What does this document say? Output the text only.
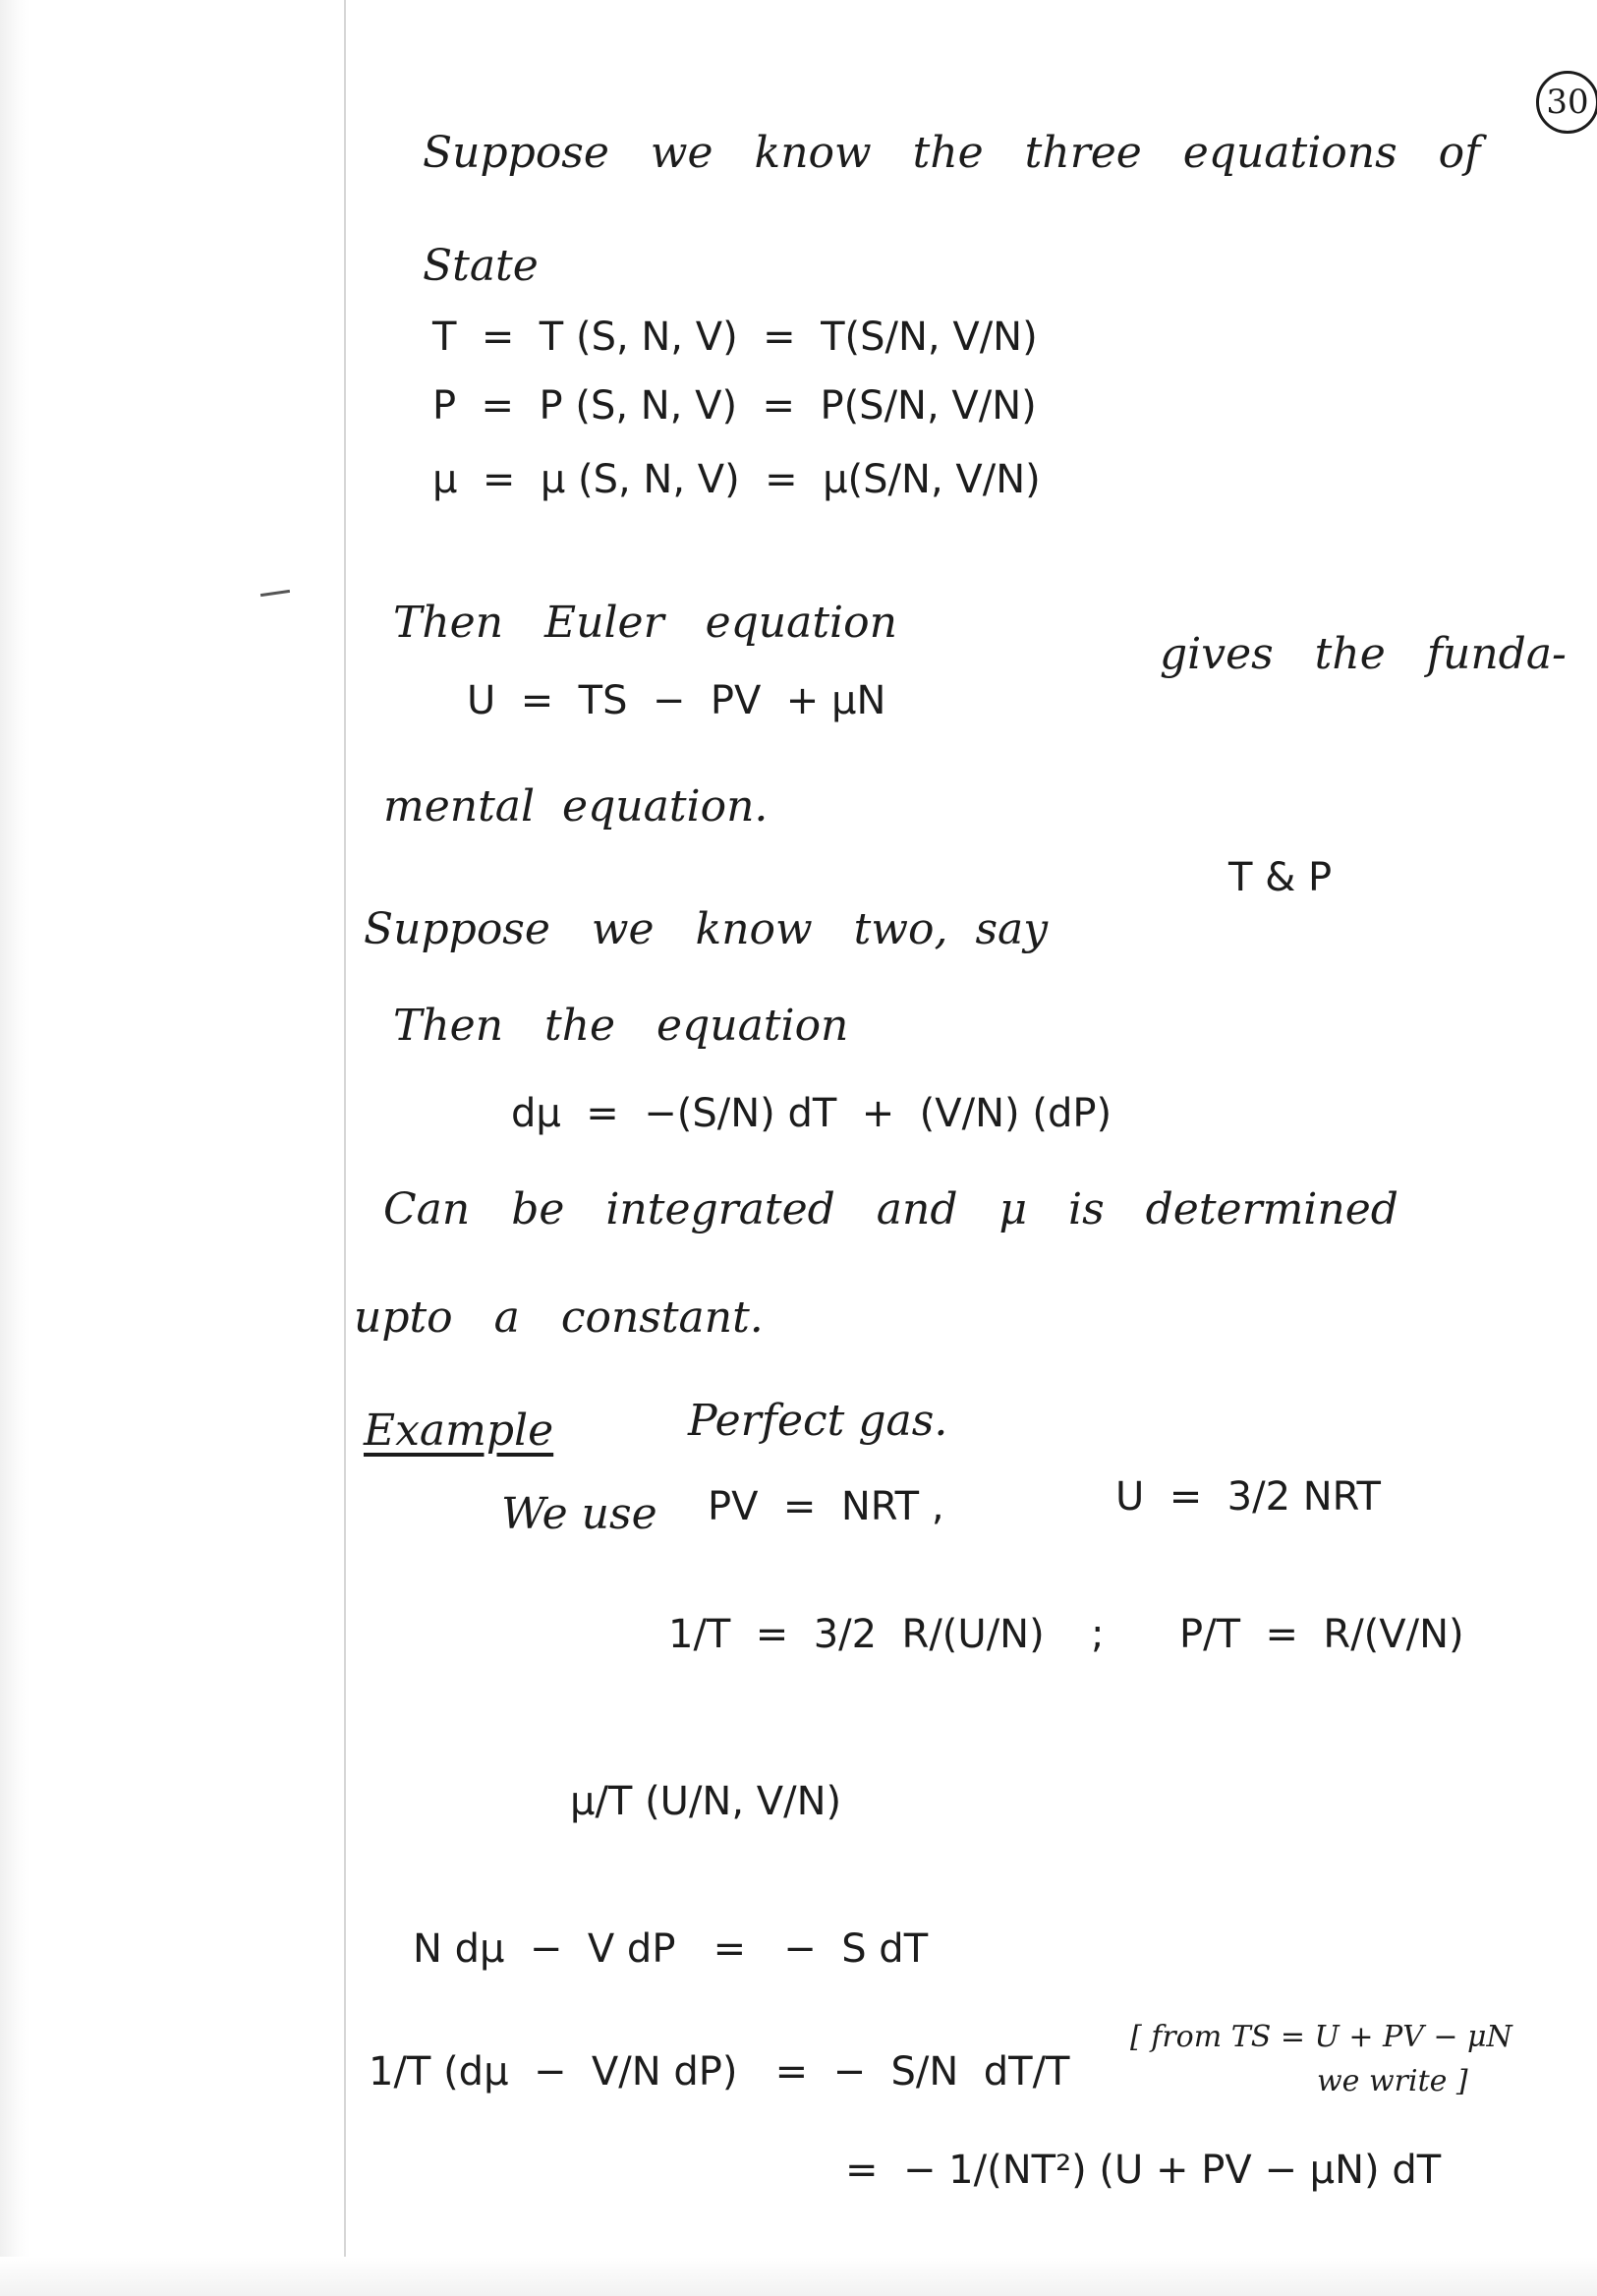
30
Suppose   we   know   the   three   equations   of
State
T  =  T (S, N, V)  =  T(S/N, V/N)
P  =  P (S, N, V)  =  P(S/N, V/N)
μ  =  μ (S, N, V)  =  μ(S/N, V/N)
Then   Euler   equation
U  =  TS  −  PV  + μN
gives   the   funda-
mental  equation.
Suppose   we   know   two,  say
T & P
Then   the   equation
dμ  =  −(S/N) dT  +  (V/N) (dP)
Can   be   integrated   and   μ   is   determined
upto   a   constant.
Example	Perfect gas.
We use PV  =  NRT ,	U  =  3/2 NRT
1/T  =  3/2  R/(U/N) ; P/T  =  R/(V/N)
μ/T (U/N, V/N)
N dμ  −  V dP   =   −  S dT
1/T (dμ  −  V/N dP)   =  −  S/N  dT/T
[ from TS = U + PV − μN
we write ]
=  − 1/(NT²) (U + PV − μN) dT
